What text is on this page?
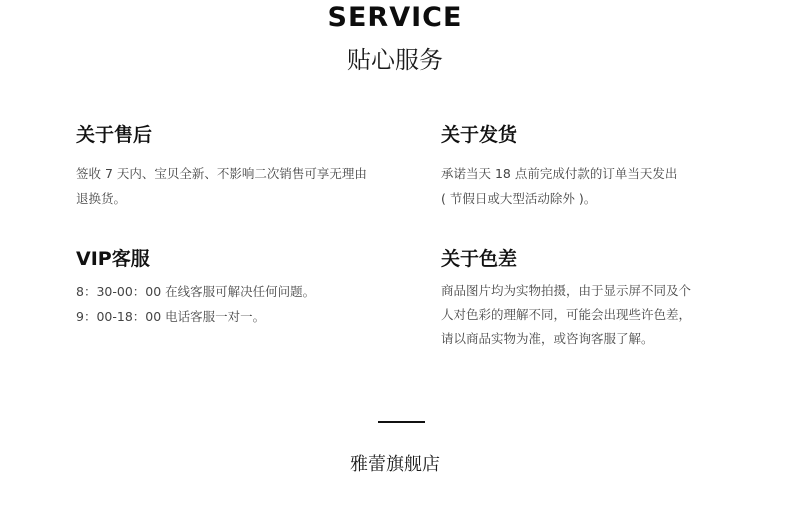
SERVICE
贴心服务
关于售后

签收 7 天内、宝贝全新、不影响二次销售可享无理由

退换货。

关于发货

承诺当天 18 点前完成付款的订单当天发出

( 节假日或大型活动除外 )。

VIP客服

8：30-00：00 在线客服可解决任何问题。

9：00-18：00 电话客服一对一。

关于色差

商品图片均为实物拍摄，由于显示屏不同及个

人对色彩的理解不同，可能会出现些许色差，

请以商品实物为准，或咨询客服了解。

雅蕾旗舰店
